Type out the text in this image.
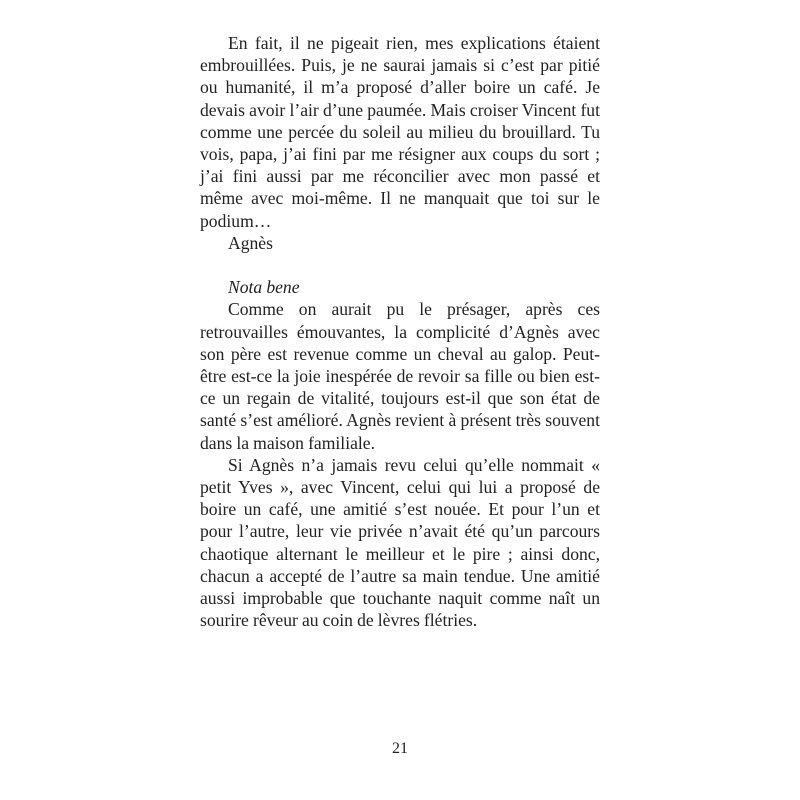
En fait, il ne pigeait rien, mes explications étaient embrouillées. Puis, je ne saurai jamais si c’est par pitié ou humanité, il m’a proposé d’aller boire un café. Je devais avoir l’air d’une paumée. Mais croiser Vincent fut comme une percée du soleil au milieu du brouillard. Tu vois, papa, j’ai fini par me résigner aux coups du sort ; j’ai fini aussi par me réconcilier avec mon passé et même avec moi-même. Il ne manquait que toi sur le podium…

Agnès

Nota bene

Comme on aurait pu le présager, après ces retrouvailles émouvantes, la complicité d’Agnès avec son père est revenue comme un cheval au galop. Peut-être est-ce la joie inespérée de revoir sa fille ou bien est-ce un regain de vitalité, toujours est-il que son état de santé s’est amélioré. Agnès revient à présent très souvent dans la maison familiale.

Si Agnès n’a jamais revu celui qu’elle nommait « petit Yves », avec Vincent, celui qui lui a proposé de boire un café, une amitié s’est nouée. Et pour l’un et pour l’autre, leur vie privée n’avait été qu’un parcours chaotique alternant le meilleur et le pire ; ainsi donc, chacun a accepté de l’autre sa main tendue. Une amitié aussi improbable que touchante naquit comme naît un sourire rêveur au coin de lèvres flétries.

21
